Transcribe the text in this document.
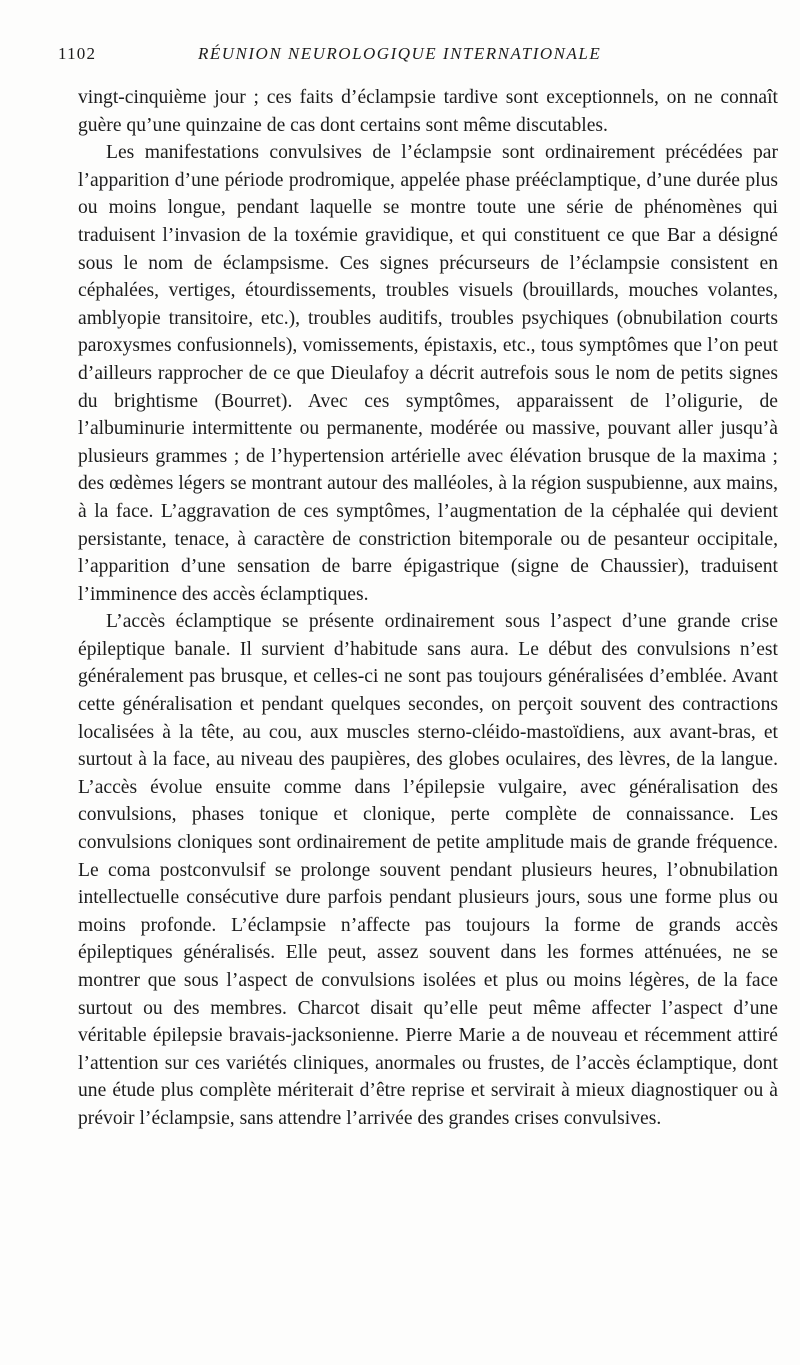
1102	RÉUNION NEUROLOGIQUE INTERNATIONALE

vingt-cinquième jour ; ces faits d’éclampsie tardive sont exceptionnels, on ne connaît guère qu’une quinzaine de cas dont certains sont même discutables.

Les manifestations convulsives de l’éclampsie sont ordinairement précédées par l’apparition d’une période prodromique, appelée phase prééclamptique, d’une durée plus ou moins longue, pendant laquelle se montre toute une série de phénomènes qui traduisent l’invasion de la toxémie gravidique, et qui constituent ce que Bar a désigné sous le nom de éclampsisme. Ces signes précurseurs de l’éclampsie consistent en céphalées, vertiges, étourdissements, troubles visuels (brouillards, mouches volantes, amblyopie transitoire, etc.), troubles auditifs, troubles psychiques (obnubilation courts paroxysmes confusionnels), vomissements, épistaxis, etc., tous symptômes que l’on peut d’ailleurs rapprocher de ce que Dieulafoy a décrit autrefois sous le nom de petits signes du brightisme (Bourret). Avec ces symptômes, apparaissent de l’oligurie, de l’albuminurie intermittente ou permanente, modérée ou massive, pouvant aller jusqu’à plusieurs grammes ; de l’hypertension artérielle avec élévation brusque de la maxima ; des œdèmes légers se montrant autour des malléoles, à la région suspubienne, aux mains, à la face. L’aggravation de ces symptômes, l’augmentation de la céphalée qui devient persistante, tenace, à caractère de constriction bitemporale ou de pesanteur occipitale, l’apparition d’une sensation de barre épigastrique (signe de Chaussier), traduisent l’imminence des accès éclamptiques.

L’accès éclamptique se présente ordinairement sous l’aspect d’une grande crise épileptique banale. Il survient d’habitude sans aura. Le début des convulsions n’est généralement pas brusque, et celles-ci ne sont pas toujours généralisées d’emblée. Avant cette généralisation et pendant quelques secondes, on perçoit souvent des contractions localisées à la tête, au cou, aux muscles sterno-cléido-mastoïdiens, aux avant-bras, et surtout à la face, au niveau des paupières, des globes oculaires, des lèvres, de la langue. L’accès évolue ensuite comme dans l’épilepsie vulgaire, avec généralisation des convulsions, phases tonique et clonique, perte complète de connaissance. Les convulsions cloniques sont ordinairement de petite amplitude mais de grande fréquence. Le coma postconvulsif se prolonge souvent pendant plusieurs heures, l’obnubilation intellectuelle consécutive dure parfois pendant plusieurs jours, sous une forme plus ou moins profonde. L’éclampsie n’affecte pas toujours la forme de grands accès épileptiques généralisés. Elle peut, assez souvent dans les formes atténuées, ne se montrer que sous l’aspect de convulsions isolées et plus ou moins légères, de la face surtout ou des membres. Charcot disait qu’elle peut même affecter l’aspect d’une véritable épilepsie bravais-jacksonienne. Pierre Marie a de nouveau et récemment attiré l’attention sur ces variétés cliniques, anormales ou frustes, de l’accès éclamptique, dont une étude plus complète mériterait d’être reprise et servirait à mieux diagnostiquer ou à prévoir l’éclampsie, sans attendre l’arrivée des grandes crises convulsives.
